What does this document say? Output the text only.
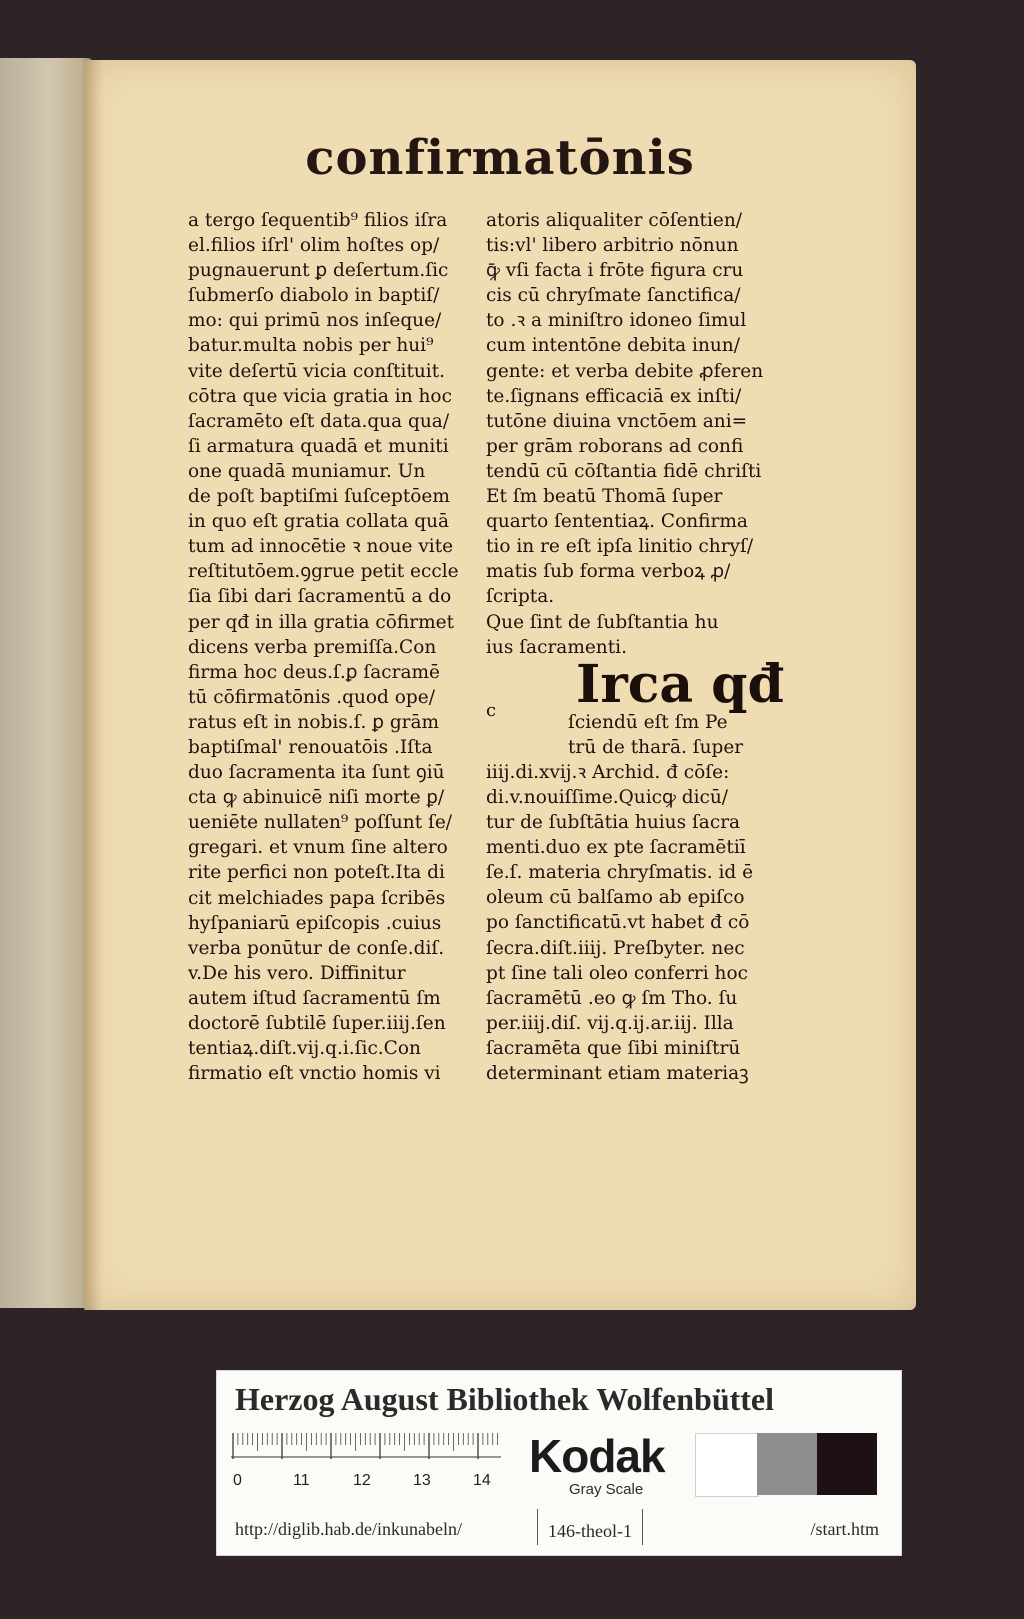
confirmatōnis
a tergo ſequentib⁹ filios iſra
el.filios iſrl' olim hoſtes op/
pugnauerunt ꝑ deſertum.ſic
ſubmerſo diabolo in baptiſ/
mo: qui primū nos inſeque/
batur.multa nobis per hui⁹
vite deſertū vicia conſtituit.
cōtra que vicia gratia in hoc
ſacramēto eſt data.qua qua/
ſi armatura quadā et muniti
one quadā muniamur. Un
de poſt baptiſmi ſuſceptōem
in quo eſt gratia collata quā
tum ad innocētie ꝛ noue vite
reſtitutōem.ꝯgrue petit eccle
ſia ſibi dari ſacramentū a do
per qđ in illa gratia cōfirmet
dicens verba premiſſa.Con
firma hoc deus.ſ.ꝑ ſacramē
tū cōfirmatōnis .quod ope/
ratus eſt in nobis.ſ. ꝑ grām
baptiſmal' renouatōis .Iſta
duo ſacramenta ita ſunt ꝯiū
cta ꝙ abinuicē niſi morte ꝑ/
ueniēte nullaten⁹ poſſunt ſe/
gregari. et vnum ſine altero
rite perfici non poteſt.Ita di
cit melchiades papa ſcribēs
hyſpaniarū epiſcopis .cuius
verba ponūtur de conſe.diſ.
v.De his vero. Diffinitur
autem iſtud ſacramentū ſm
doctorē ſubtilē ſuper.iiij.ſen
tentiaꝝ.diſt.vij.q.i.ſic.Con
firmatio eſt vnctio homis vi
atoris aliqualiter cōſentien/
tis:vl' libero arbitrio nōnun
ꝙ̄ vſi facta i frōte figura cru
cis cū chryſmate ſanctifica/
to .ꝛ a miniſtro idoneo ſimul
cum intentōne debita inun/
gente: et verba debite ꝓferen
te.ſignans efficaciā ex inſti/
tutōne diuina vnctōem ani=
per grām roborans ad confi
tendū cū cōſtantia fidē chriſti
Et ſm beatū Thomā ſuper
quarto ſententiaꝝ. Confirma
tio in re eſt ipſa linitio chryſ/
matis ſub forma verboꝝ ꝓ/
ſcripta.
Que ſint de ſubſtantia hu
ius ſacramenti.
Irca qđ
ſciendū eſt ſm Pe
trū de tharā. ſuper
iiij.di.xvij.ꝛ Archid. đ cōſe:
di.v.nouiſſime.Quicꝙ dicū/
tur de ſubſtātia huius ſacra
menti.duo ex pte ſacramētiī
ſe.ſ. materia chryſmatis. id ē
oleum cū balſamo ab epiſco
po ſanctificatū.vt habet đ cō
ſecra.diſt.iiij. Preſbyter. nec
pt ſine tali oleo conferri hoc
ſacramētū .eo ꝙ ſm Tho. ſu
per.iiij.diſ. vij.q.ij.ar.iij. Illa
ſacramēta que ſibi miniſtrū
determinant etiam materiaꝫ
c
Herzog August Bibliothek Wolfenbüttel
0	11	12	13	14 Kodak
Gray Scale
http://diglib.hab.de/inkunabeln/	146-theol-1	/start.htm
